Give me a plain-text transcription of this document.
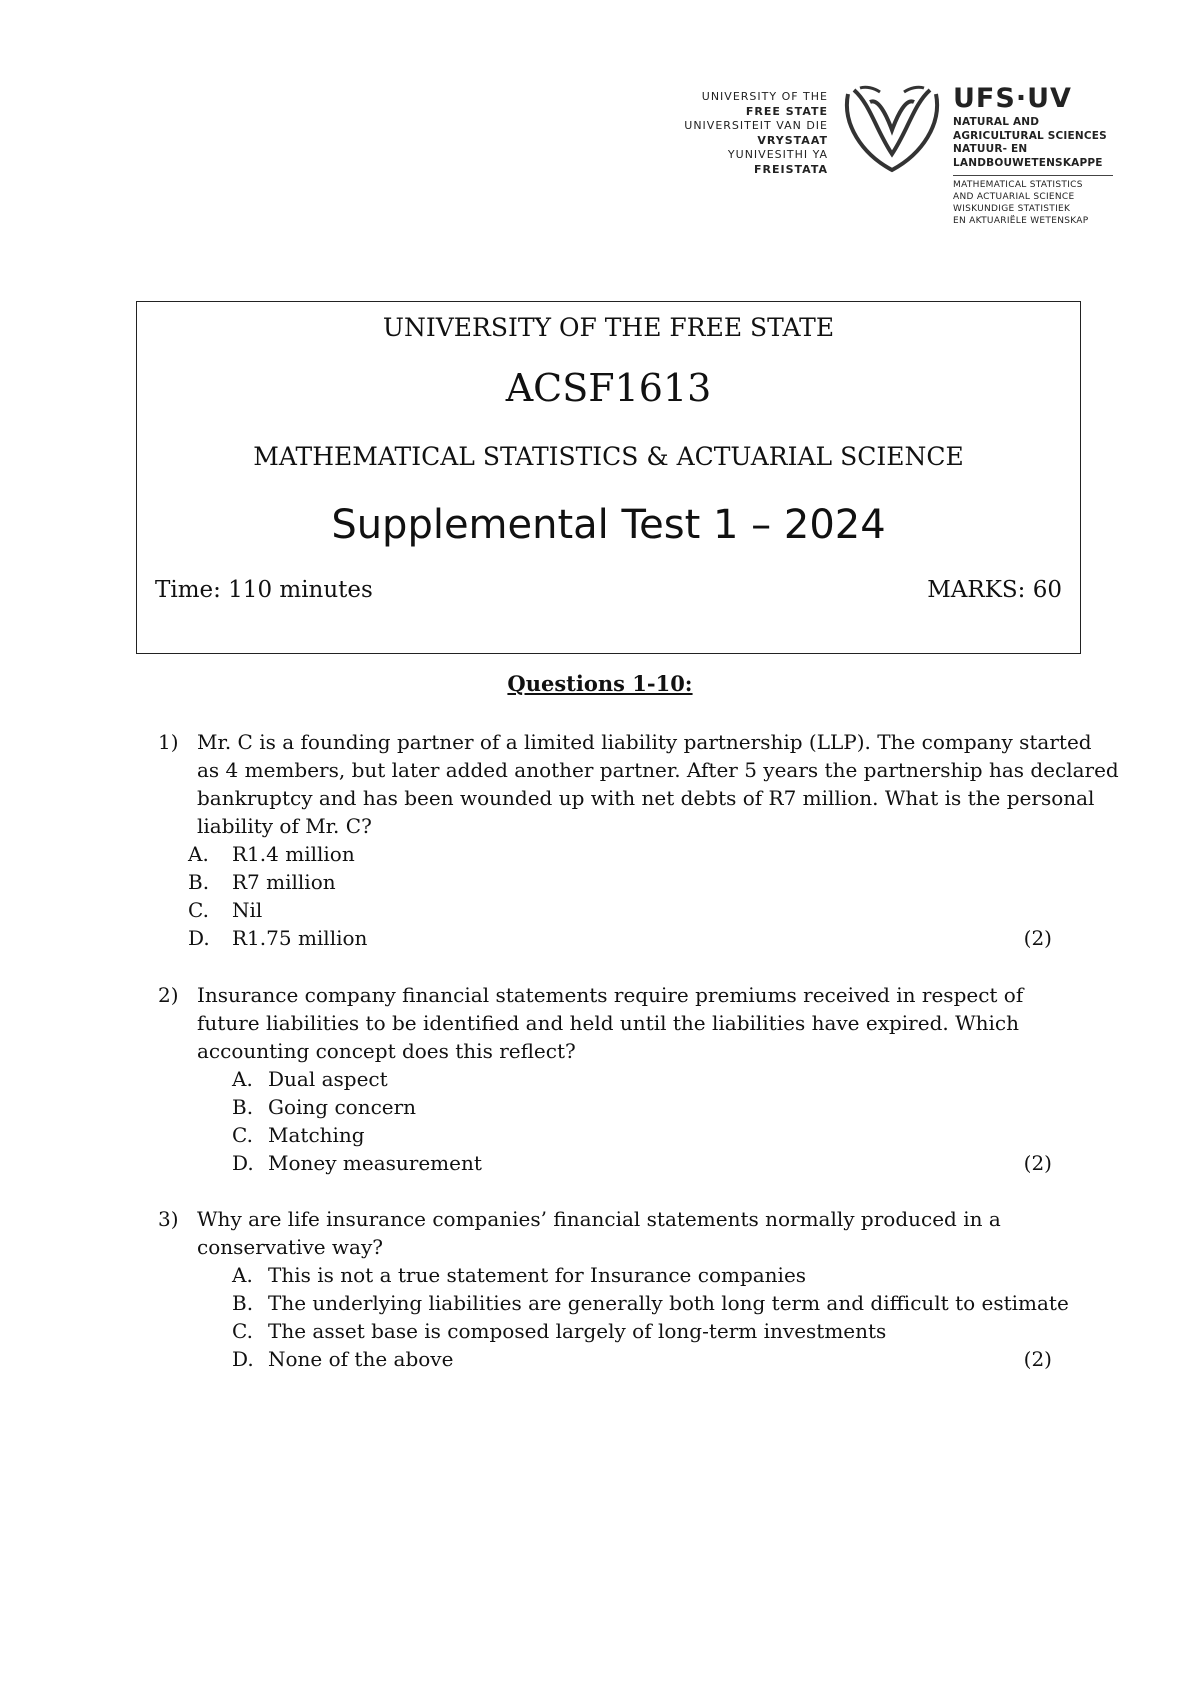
UNIVERSITY OF THE
FREE STATE
UNIVERSITEIT VAN DIE
VRYSTAAT
YUNIVESITHI YA
FREISTATA
UFS·UV
NATURAL AND
AGRICULTURAL SCIENCES
NATUUR- EN
LANDBOUWETENSKAPPE
MATHEMATICAL STATISTICS
AND ACTUARIAL SCIENCE
WISKUNDIGE STATISTIEK
EN AKTUARIËLE WETENSKAP
UNIVERSITY OF THE FREE STATE
ACSF1613
MATHEMATICAL STATISTICS & ACTUARIAL SCIENCE
Supplemental Test 1 – 2024
Time: 110 minutes	MARKS: 60
Questions 1-10:
1) Mr. C is a founding partner of a limited liability partnership (LLP). The company started
as 4 members, but later added another partner. After 5 years the partnership has declared
bankruptcy and has been wounded up with net debts of R7 million. What is the personal
liability of Mr. C?
A. R1.4 million
B. R7 million
C. Nil
D. R1.75 million	(2)
2) Insurance company financial statements require premiums received in respect of
future liabilities to be identified and held until the liabilities have expired. Which
accounting concept does this reflect?
A. Dual aspect
B. Going concern
C. Matching
D. Money measurement	(2)
3) Why are life insurance companies’ financial statements normally produced in a
conservative way?
A. This is not a true statement for Insurance companies
B. The underlying liabilities are generally both long term and difficult to estimate
C. The asset base is composed largely of long-term investments
D. None of the above	(2)
